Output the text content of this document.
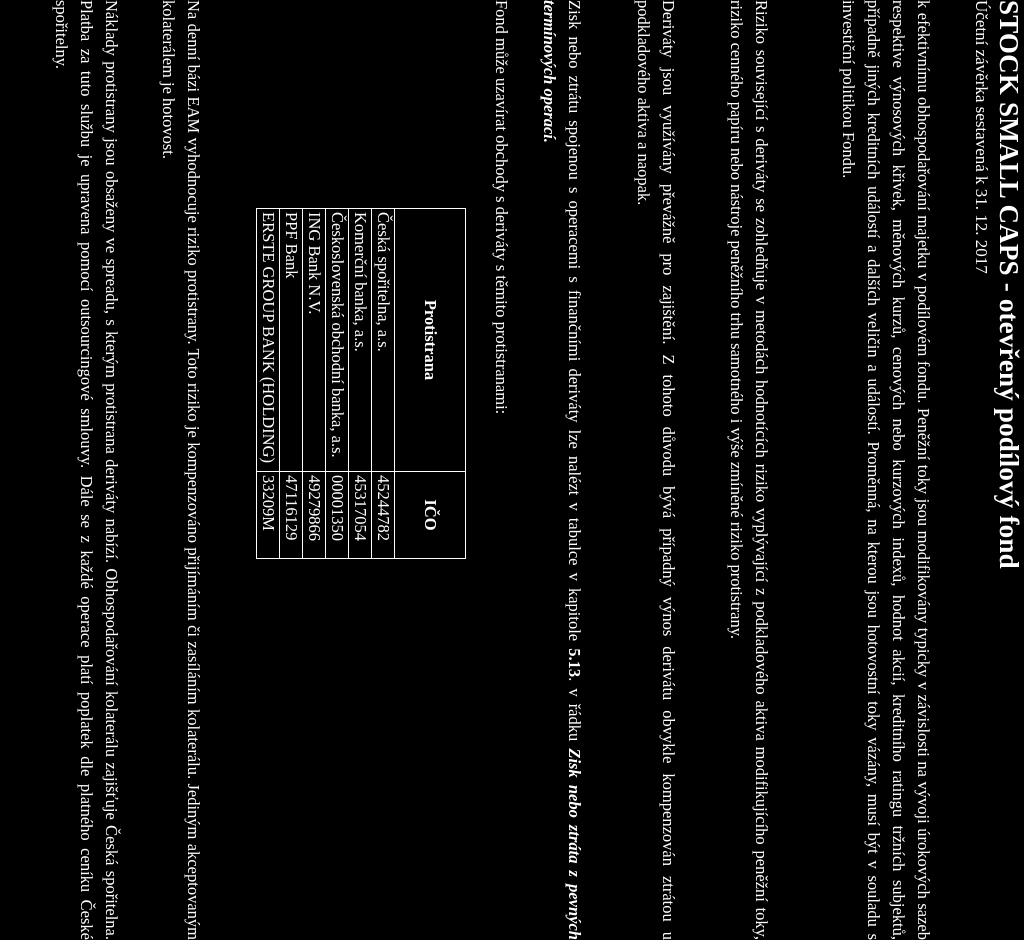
STOCK SMALL CAPS - otevřený podílový fond
Účetní závěrka sestavená k 31. 12. 2017

k efektivnímu obhospodařování majetku v podílovém fondu. Peněžní toky jsou modifikovány typicky v závislosti na vývoji úrokových sazeb respektive výnosových křivek, měnových kurzů, cenových nebo kurzových indexů, hodnot akcií, kreditního ratingu tržních subjektů, případně jiných kreditních událostí a dalších veličin a událostí. Proměnná, na kterou jsou hotovostní toky vázány, musí být v souladu s investiční politikou Fondu.

Riziko související s deriváty se zohledňuje v metodách hodnotících riziko vyplývající z podkladového aktiva modifikujícího peněžní toky, riziko cenného papíru nebo nástroje peněžního trhu samotného i výše zmíněné riziko protistrany.

Deriváty jsou využívány převážně pro zajištění. Z tohoto důvodu bývá případný výnos derivátu obvykle kompenzován ztrátou u podkladového aktiva a naopak.

Zisk nebo ztrátu spojenou s operacemi s finančními deriváty lze nalézt v tabulce v kapitole 5.13. v řádku Zisk nebo ztráta z pevných termínových operací.

Fond může uzavírat obchody s deriváty s těmito protistranami:

Protistrana	IČO
Česká spořitelna, a.s.	45244782
Komerční banka, a.s.	45317054
Československá obchodní banka, a.s.	00001350
ING Bank N.V.	49279866
PPF Bank	47116129
ERSTE GROUP BANK (HOLDING)	33209M

Na denní bázi EAM vyhodnocuje riziko protistrany. Toto riziko je kompenzováno přijímáním či zasíláním kolaterálu. Jediným akceptovaným kolaterálem je hotovost.

Náklady protistrany jsou obsaženy ve spreadu, s kterým protistrana deriváty nabízí. Obhospodařování kolaterálu zajišťuje Česká spořitelna. Platba za tuto službu je upravena pomocí outsourcingové smlouvy. Dále se z každé operace platí poplatek dle platného ceníku České spořitelny.
